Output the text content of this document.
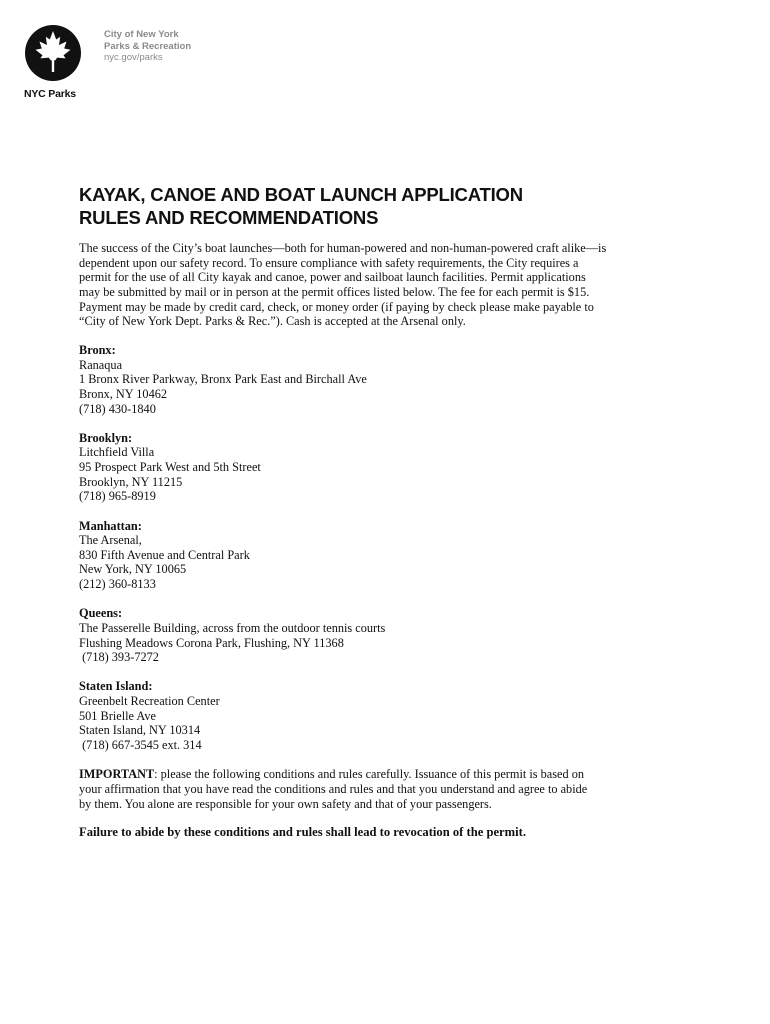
NYC Parks
City of New York
Parks & Recreation
nyc.gov/parks
KAYAK, CANOE AND BOAT LAUNCH APPLICATION
RULES AND RECOMMENDATIONS

The success of the City’s boat launches—both for human-powered and non-human-powered craft alike—is
dependent upon our safety record. To ensure compliance with safety requirements, the City requires a
permit for the use of all City kayak and canoe, power and sailboat launch facilities. Permit applications
may be submitted by mail or in person at the permit offices listed below. The fee for each permit is $15.
Payment may be made by credit card, check, or money order (if paying by check please make payable to
“City of New York Dept. Parks & Rec.”). Cash is accepted at the Arsenal only.

Bronx:
Ranaqua
1 Bronx River Parkway, Bronx Park East and Birchall Ave
Bronx, NY 10462
(718) 430-1840
Brooklyn:
Litchfield Villa
95 Prospect Park West and 5th Street
Brooklyn, NY 11215
(718) 965-8919
Manhattan:
The Arsenal,
830 Fifth Avenue and Central Park
New York, NY 10065
(212) 360-8133
Queens:
The Passerelle Building, across from the outdoor tennis courts
Flushing Meadows Corona Park, Flushing, NY 11368
(718) 393-7272
Staten Island:
Greenbelt Recreation Center
501 Brielle Ave
Staten Island, NY 10314
(718) 667-3545 ext. 314

IMPORTANT: please the following conditions and rules carefully. Issuance of this permit is based on
your affirmation that you have read the conditions and rules and that you understand and agree to abide
by them. You alone are responsible for your own safety and that of your passengers.

Failure to abide by these conditions and rules shall lead to revocation of the permit.
